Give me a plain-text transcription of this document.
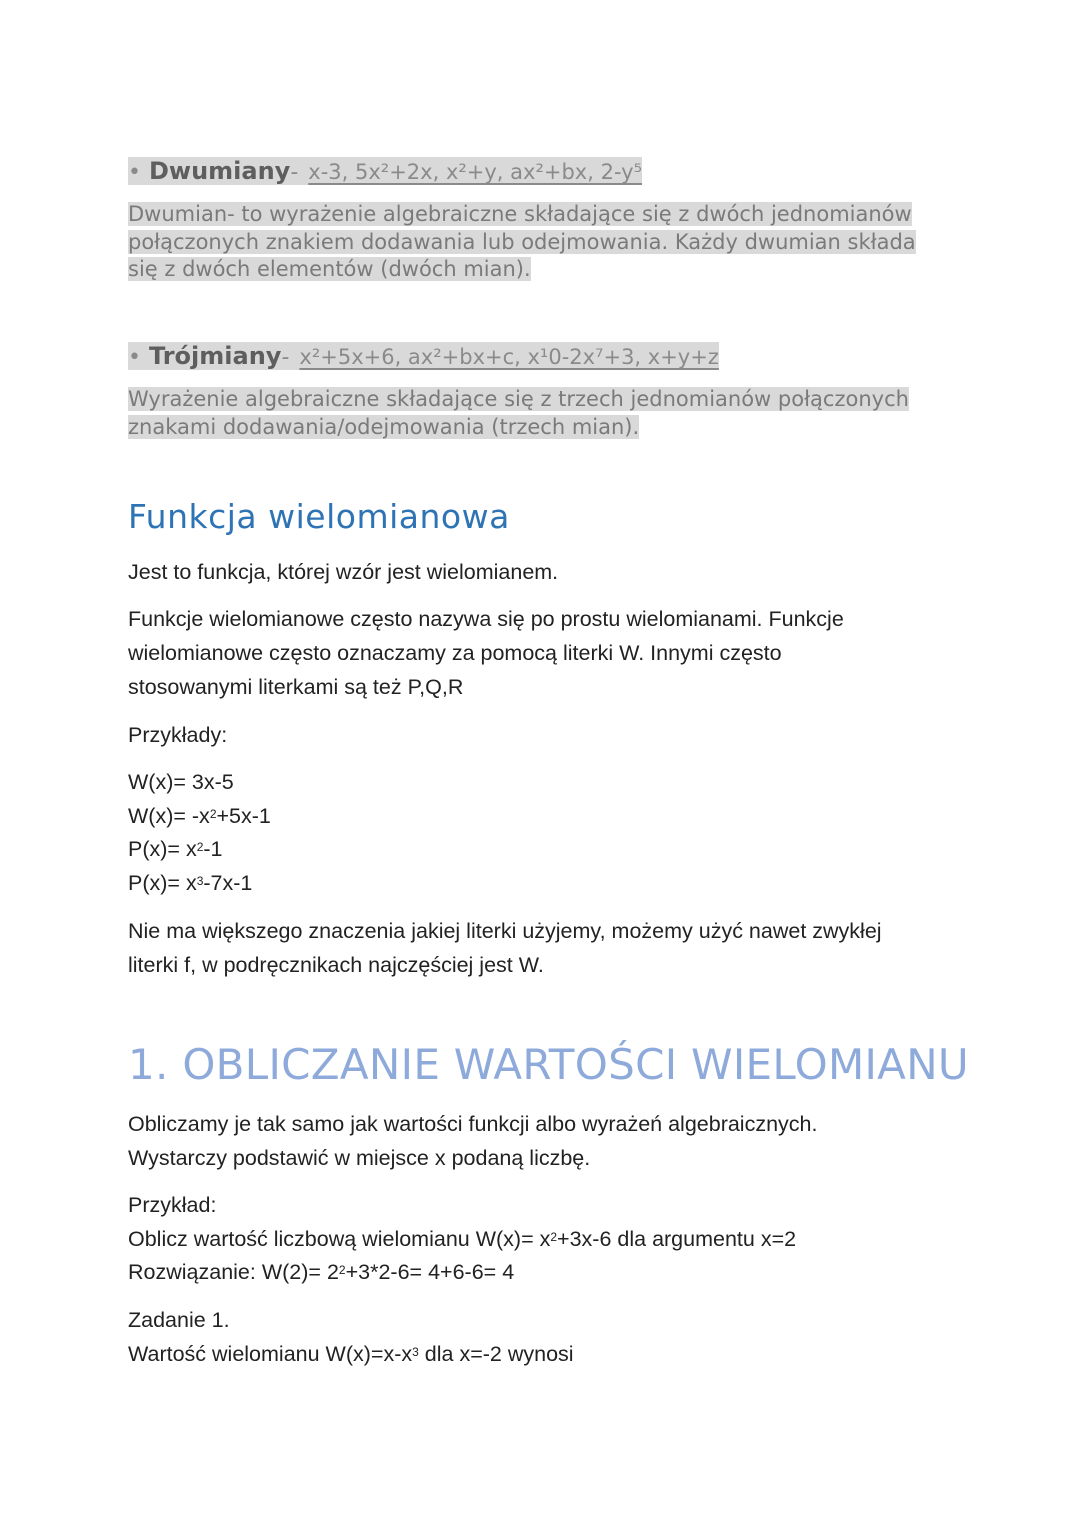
• Dwumiany- x-3, 5x²+2x, x²+y, ax²+bx, 2-y⁵
Dwumian- to wyrażenie algebraiczne składające się z dwóch jednomianów
połączonych znakiem dodawania lub odejmowania. Każdy dwumian składa
się z dwóch elementów (dwóch mian).
• Trójmiany- x²+5x+6, ax²+bx+c, x¹0-2x⁷+3, x+y+z
Wyrażenie algebraiczne składające się z trzech jednomianów połączonych
znakami dodawania/odejmowania (trzech mian).
Funkcja wielomianowa
Jest to funkcja, której wzór jest wielomianem.
Funkcje wielomianowe często nazywa się po prostu wielomianami. Funkcje
wielomianowe często oznaczamy za pomocą literki W. Innymi często
stosowanymi literkami są też P,Q,R
Przykłady:
W(x)= 3x-5
$W(x)= -x^2+5x-1$
$P(x)= x^2-1$
$P(x)= x^3-7x-1$
Nie ma większego znaczenia jakiej literki użyjemy, możemy użyć nawet zwykłej
literki f, w podręcznikach najczęściej jest W.
1. OBLICZANIE WARTOŚCI WIELOMIANU
Obliczamy je tak samo jak wartości funkcji albo wyrażeń algebraicznych.
Wystarczy podstawić w miejsce x podaną liczbę.
Przykład:
Oblicz wartość liczbową wielomianu $W(x)= x^2+3x-6$ dla argumentu x=2
Rozwiązanie: $W(2)= 2^2+3*2-6= 4+6-6= 4$
Zadanie 1.
Wartość wielomianu $W(x)=x-x^3$ dla x=-2 wynosi
